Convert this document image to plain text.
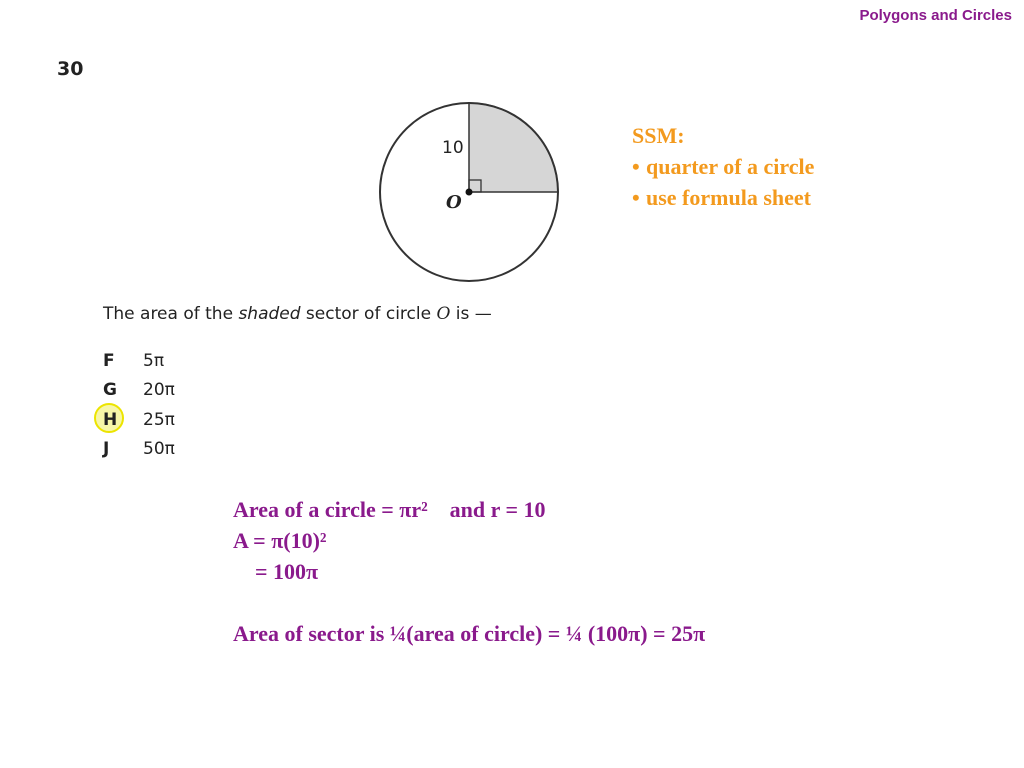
Polygons and Circles
30
10
O
SSM:
• quarter of a circle
• use formula sheet
The area of the shaded sector of circle O is —
F	5π
G	20π
H	25π
J	50π
Area of a circle = πr²    and r = 10
A = π(10)²
= 100π
Area of sector is ¼(area of circle) = ¼ (100π) = 25π
